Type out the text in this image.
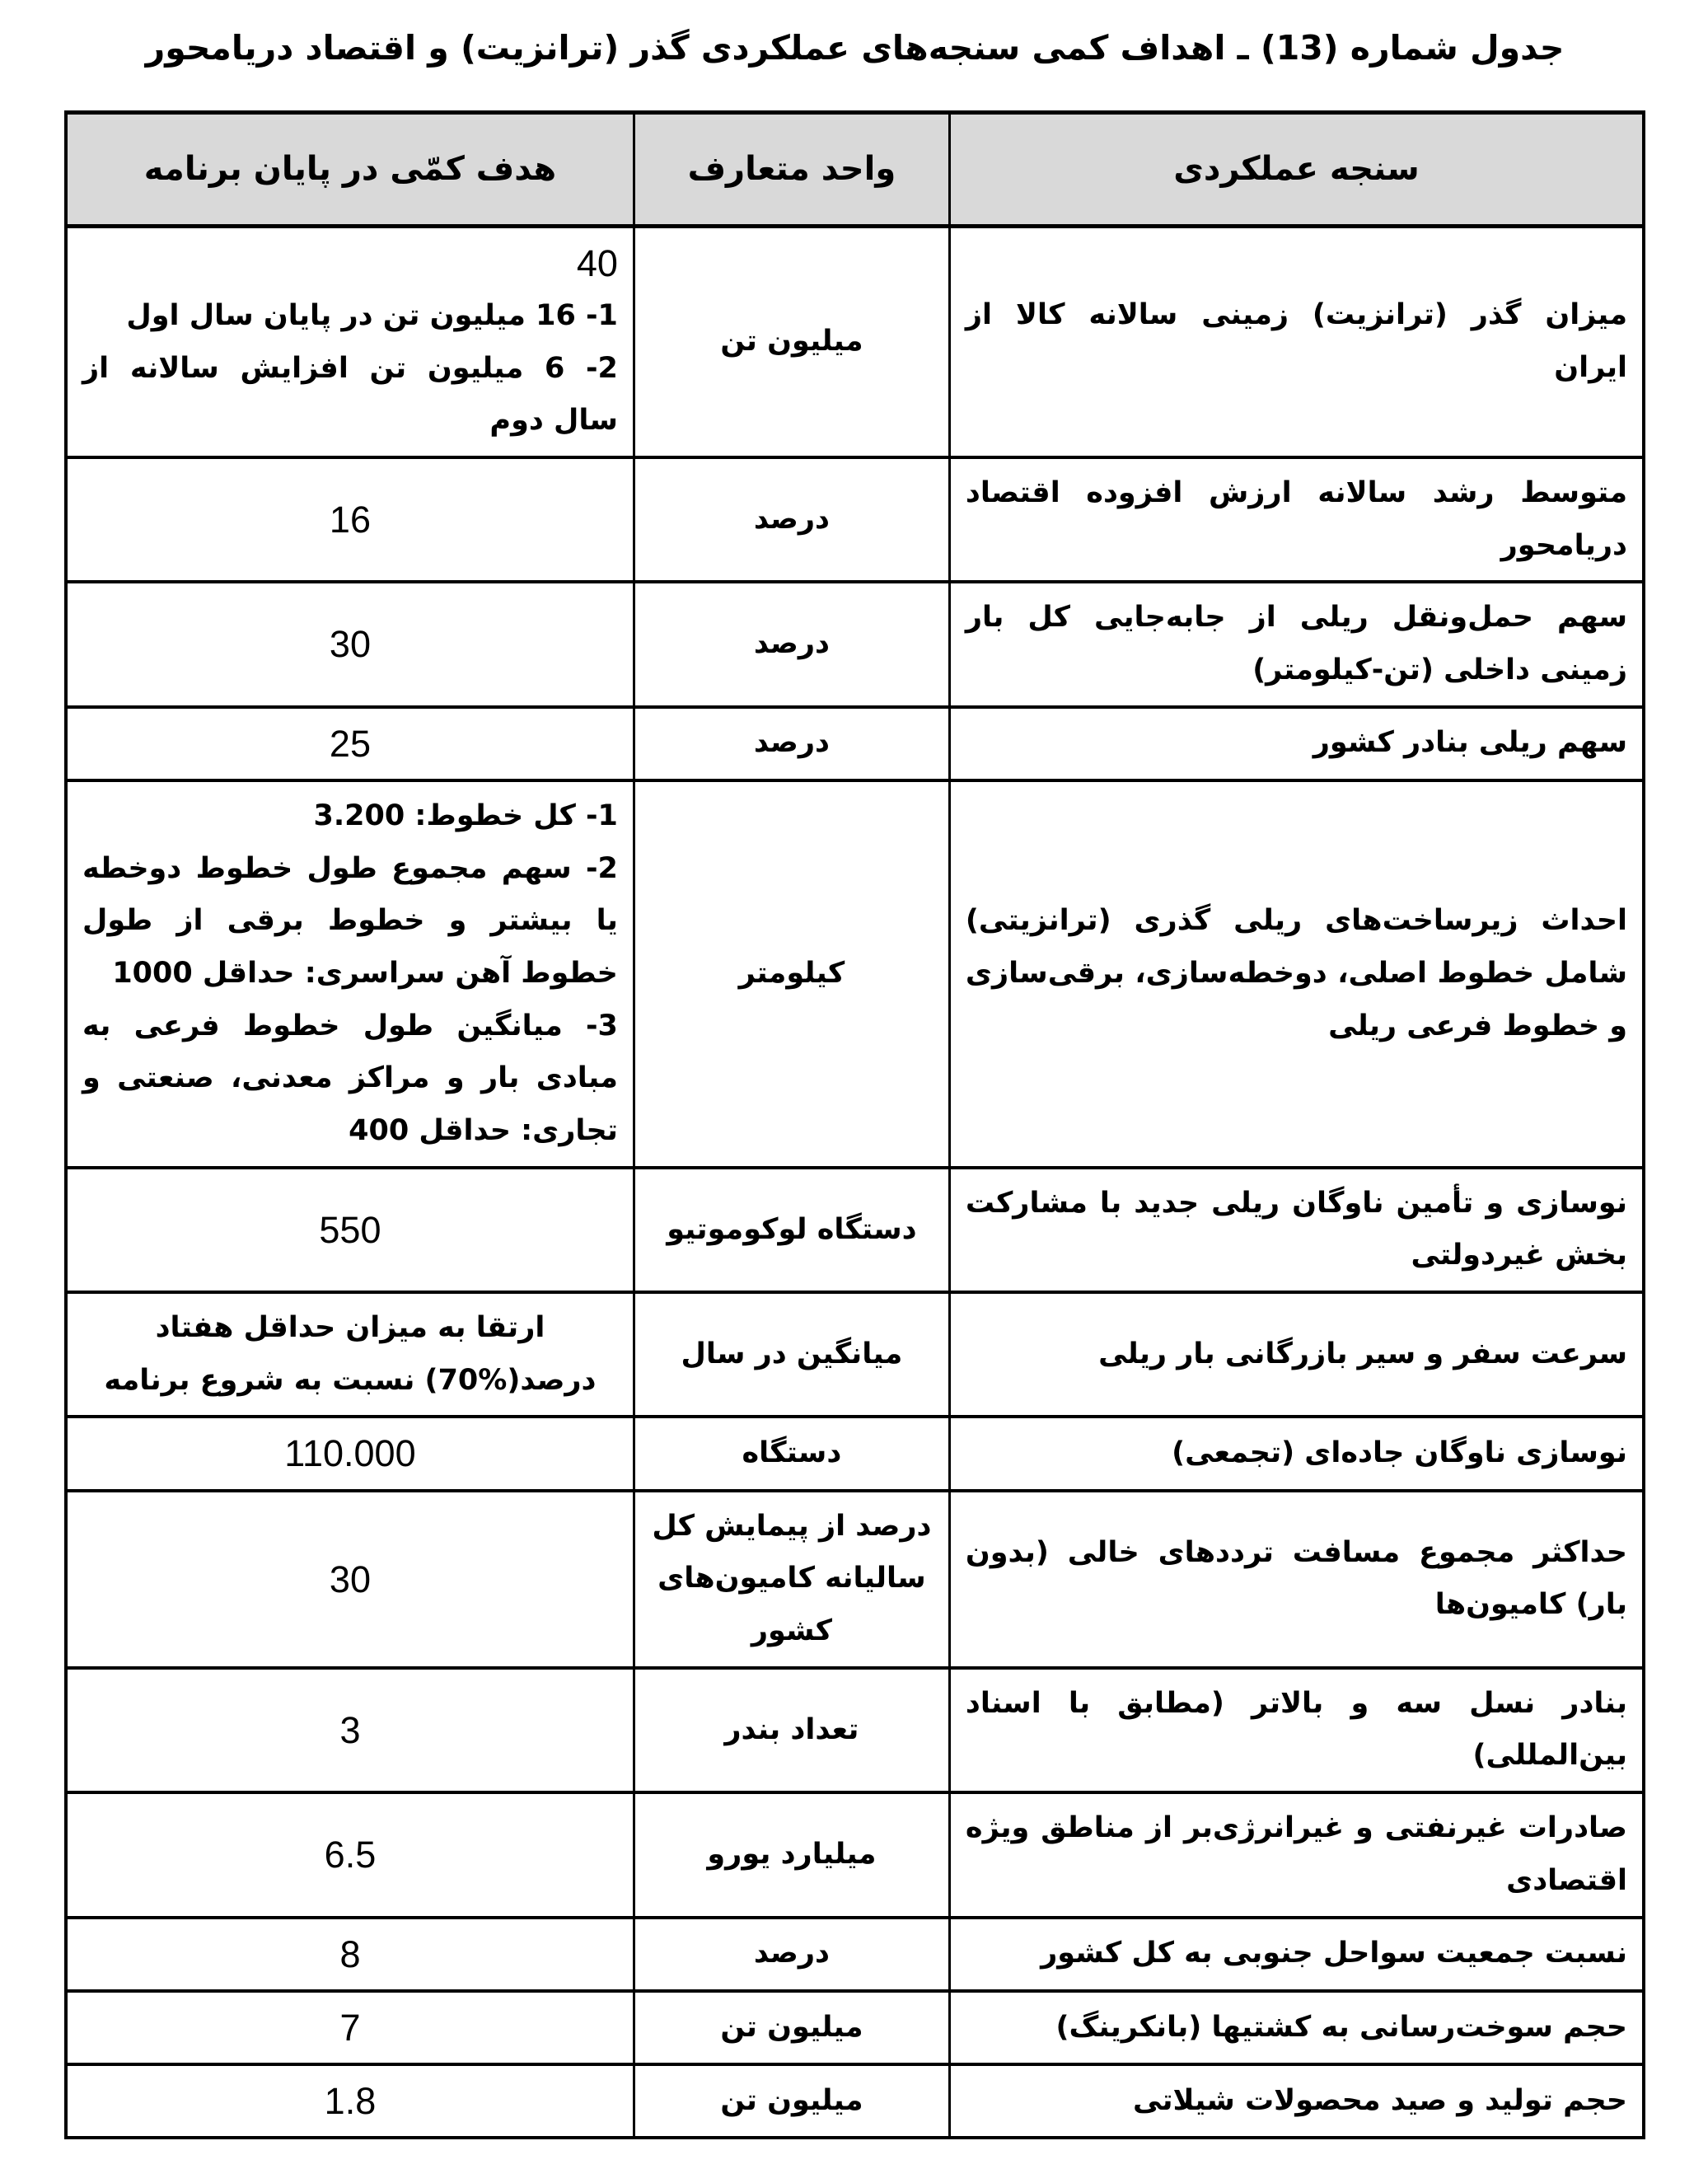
جدول شماره (13) ـ اهداف کمی سنجه‌های عملکردی گذر (ترانزیت) و اقتصاد دریامحور
سنجه عملکردی	واحد متعارف	هدف کمّی در پایان برنامه
میزان گذر (ترانزیت) زمینی سالانه کالا از ایران	میلیون تن	40
1- 16 میلیون تن در پایان سال اول
2- 6 میلیون تن افزایش سالانه از سال دوم

متوسط رشد سالانه ارزش افزوده اقتصاد دریامحور	درصد	16

سهم حمل‌ونقل ریلی از جابه‌جایی کل بار زمینی داخلی (تن-کیلومتر)	درصد	30

سهم ریلی بنادر کشور	درصد	25

احداث زیرساخت‌های ریلی گذری (ترانزیتی) شامل خطوط اصلی، دوخطه‌سازی، برقی‌سازی و خطوط فرعی ریلی	کیلومتر	1- کل خطوط: 3.200
2- سهم مجموع طول خطوط دوخطه یا بیشتر و خطوط برقی از طول خطوط آهن سراسری: حداقل 1000
3- میانگین طول خطوط فرعی به مبادی بار و مراکز معدنی، صنعتی و تجاری: حداقل 400

نوسازی و تأمین ناوگان ریلی جدید با مشارکت بخش غیردولتی	دستگاه لوکوموتیو	550

سرعت سفر و سیر بازرگانی بار ریلی	میانگین در سال	ارتقا به میزان حداقل هفتاد درصد(%70) نسبت به شروع برنامه

نوسازی ناوگان جاده‌ای (تجمعی)	دستگاه	110.000

حداکثر مجموع مسافت ترددهای خالی (بدون بار) کامیون‌ها	درصد از پیمایش کل سالیانه کامیون‌های کشور	30

بنادر نسل سه و بالاتر (مطابق با اسناد بین‌المللی)	تعداد بندر	3

صادرات غیرنفتی و غیرانرژی‌بر از مناطق ویژه اقتصادی	میلیارد یورو	6.5

نسبت جمعیت سواحل جنوبی به کل کشور	درصد	8

حجم سوخت‌رسانی به کشتیها (بانکرینگ)	میلیون تن	7

حجم تولید و صید محصولات شیلاتی	میلیون تن	1.8
